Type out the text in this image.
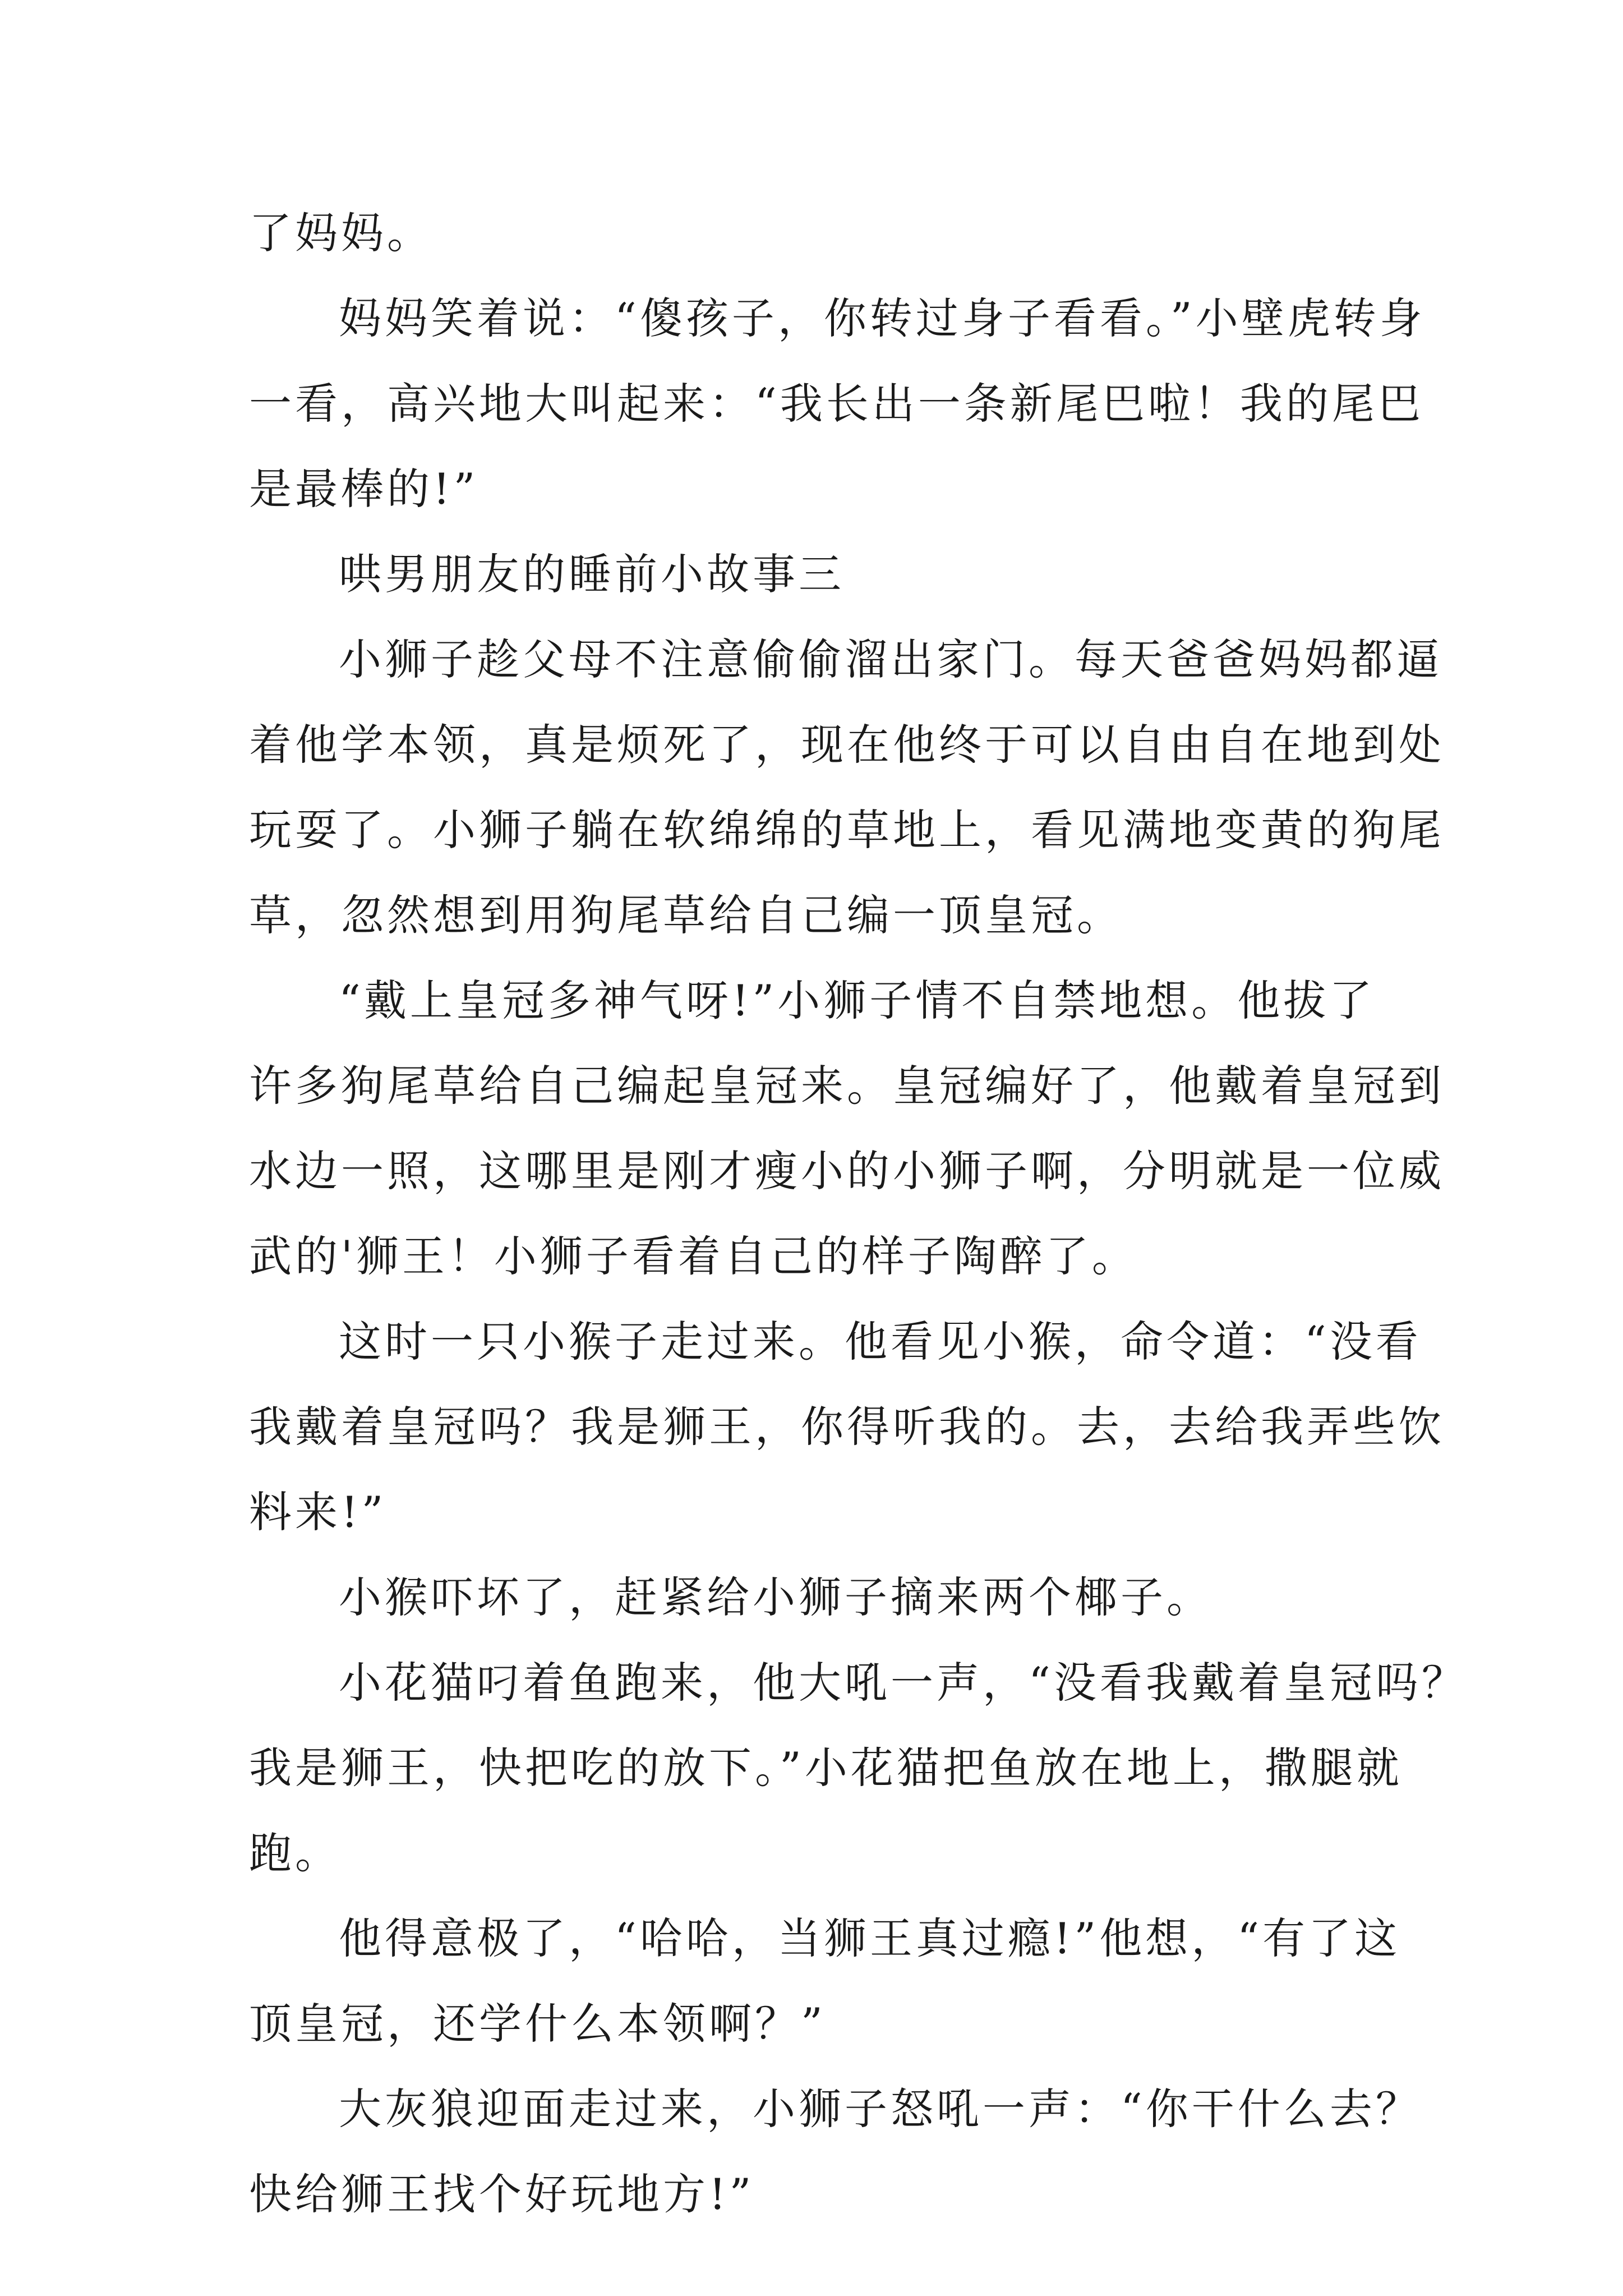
了妈妈。

妈妈笑着说：“傻孩子，你转过身子看看。”小壁虎转身
一看，高兴地大叫起来：“我长出一条新尾巴啦！我的尾巴
是最棒的!”

哄男朋友的睡前小故事三

小狮子趁父母不注意偷偷溜出家门。每天爸爸妈妈都逼
着他学本领，真是烦死了，现在他终于可以自由自在地到处
玩耍了。小狮子躺在软绵绵的草地上，看见满地变黄的狗尾
草，忽然想到用狗尾草给自己编一顶皇冠。

“戴上皇冠多神气呀!”小狮子情不自禁地想。他拔了
许多狗尾草给自己编起皇冠来。皇冠编好了，他戴着皇冠到
水边一照，这哪里是刚才瘦小的小狮子啊，分明就是一位威
武的'狮王！小狮子看着自己的样子陶醉了。

这时一只小猴子走过来。他看见小猴，命令道：“没看
我戴着皇冠吗？我是狮王，你得听我的。去，去给我弄些饮
料来!”

小猴吓坏了，赶紧给小狮子摘来两个椰子。

小花猫叼着鱼跑来，他大吼一声，“没看我戴着皇冠吗？
我是狮王，快把吃的放下。”小花猫把鱼放在地上，撒腿就
跑。

他得意极了，“哈哈，当狮王真过瘾!”他想，“有了这
顶皇冠，还学什么本领啊？”

大灰狼迎面走过来，小狮子怒吼一声：“你干什么去？
快给狮王找个好玩地方!”
